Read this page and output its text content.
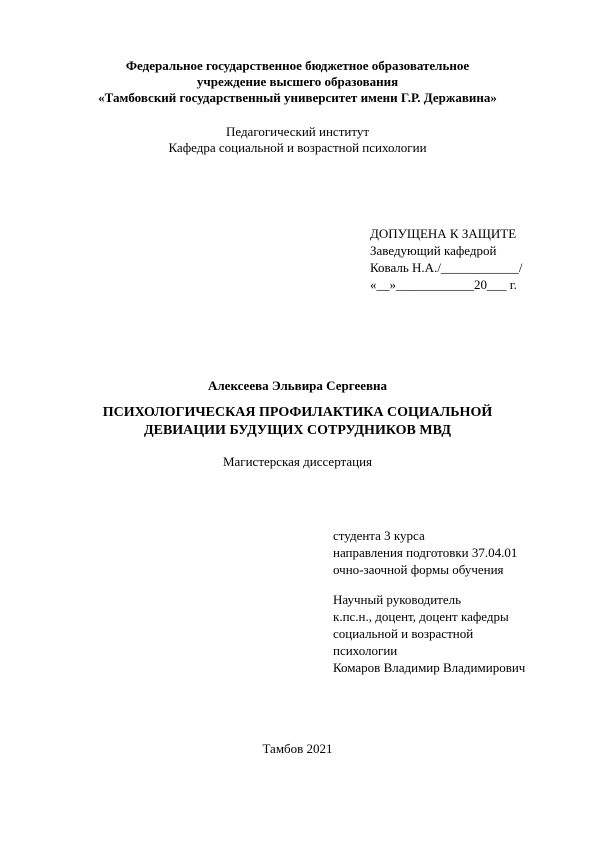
Федеральное государственное бюджетное образовательное
учреждение высшего образования
«Тамбовский государственный университет имени Г.Р. Державина»
Педагогический институт
Кафедра социальной и возрастной психологии
ДОПУЩЕНА К ЗАЩИТЕ
Заведующий кафедрой
Коваль Н.А./____________/
«__»____________20___ г.
Алексеева Эльвира Сергеевна
ПСИХОЛОГИЧЕСКАЯ ПРОФИЛАКТИКА СОЦИАЛЬНОЙ
ДЕВИАЦИИ БУДУЩИХ СОТРУДНИКОВ МВД
Магистерская диссертация
студента 3 курса
направления подготовки 37.04.01
очно-заочной формы обучения
Научный руководитель
к.пс.н., доцент, доцент кафедры
социальной и возрастной
психологии
Комаров Владимир Владимирович
Тамбов 2021
